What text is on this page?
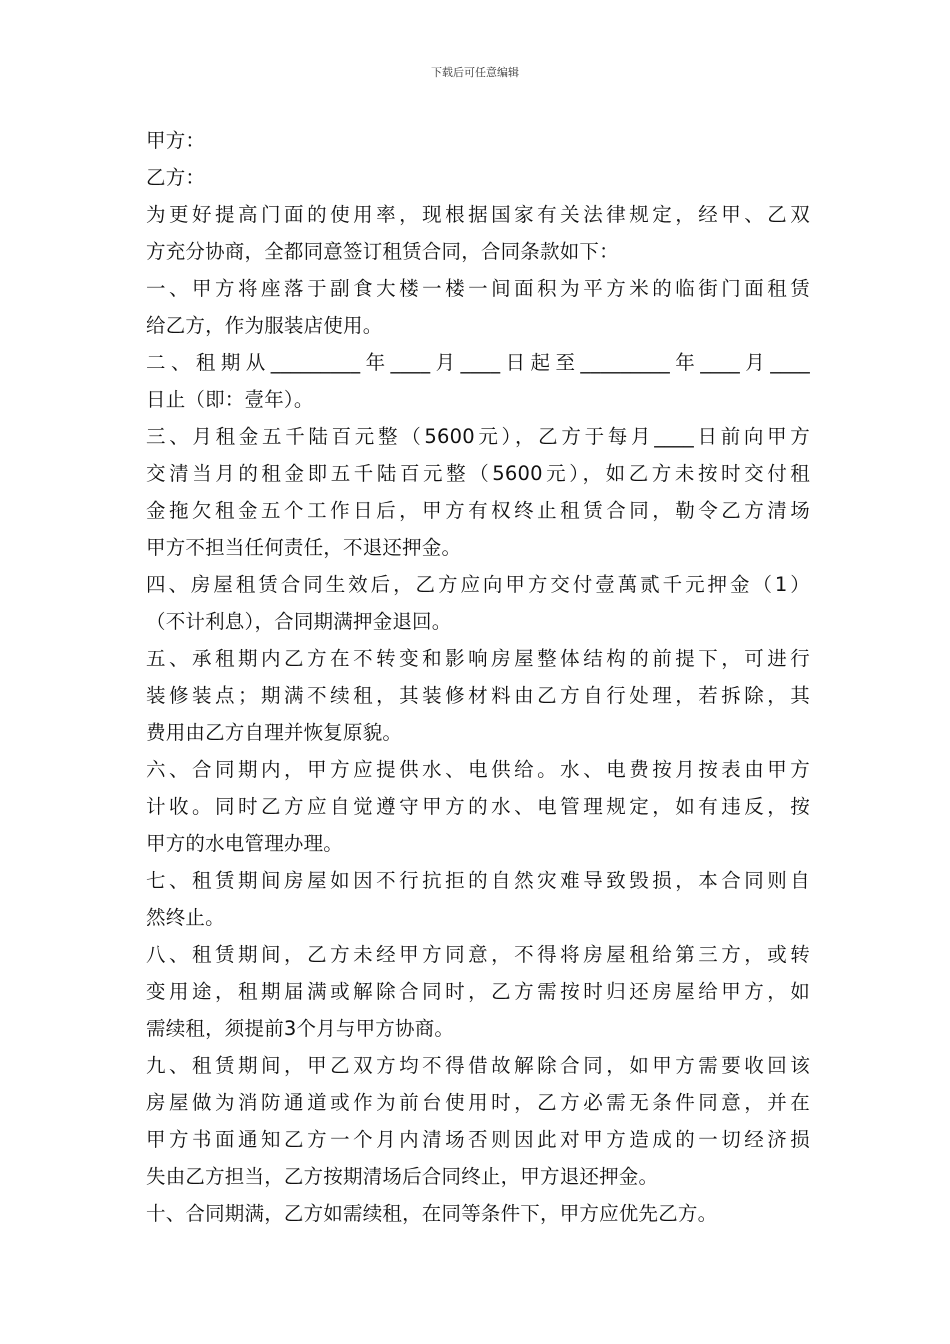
下载后可任意编辑
甲方：
乙方：
为更好提高门面的使用率，现根据国家有关法律规定，经甲、乙双
方充分协商，全都同意签订租赁合同，合同条款如下：
一、甲方将座落于副食大楼一楼一间面积为平方米的临街门面租赁
给乙方，作为服装店使用。
二、租期从_________年____月____日起至_________年____月____
日止（即：壹年）。
三、月租金五千陆百元整（5600元），乙方于每月____日前向甲方
交清当月的租金即五千陆百元整（5600元），如乙方未按时交付租
金拖欠租金五个工作日后，甲方有权终止租赁合同，勒令乙方清场
甲方不担当任何责任，不退还押金。
四、房屋租赁合同生效后，乙方应向甲方交付壹萬贰千元押金（1）
（不计利息），合同期满押金退回。
五、承租期内乙方在不转变和影响房屋整体结构的前提下，可进行
装修装点；期满不续租，其装修材料由乙方自行处理，若拆除，其
费用由乙方自理并恢复原貌。
六、合同期内，甲方应提供水、电供给。水、电费按月按表由甲方
计收。同时乙方应自觉遵守甲方的水、电管理规定，如有违反，按
甲方的水电管理办理。
七、租赁期间房屋如因不行抗拒的自然灾难导致毁损，本合同则自
然终止。
八、租赁期间，乙方未经甲方同意，不得将房屋租给第三方，或转
变用途，租期届满或解除合同时，乙方需按时归还房屋给甲方，如
需续租，须提前3个月与甲方协商。
九、租赁期间，甲乙双方均不得借故解除合同，如甲方需要收回该
房屋做为消防通道或作为前台使用时，乙方必需无条件同意，并在
甲方书面通知乙方一个月内清场否则因此对甲方造成的一切经济损
失由乙方担当，乙方按期清场后合同终止，甲方退还押金。
十、合同期满，乙方如需续租，在同等条件下，甲方应优先乙方。
